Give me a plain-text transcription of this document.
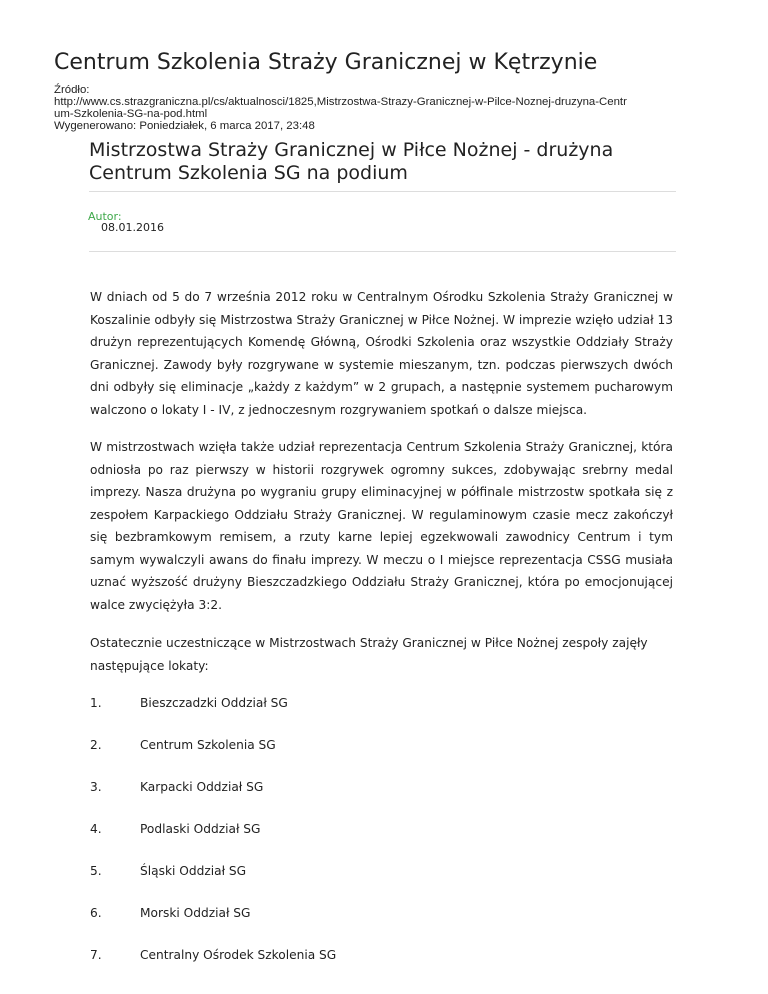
Centrum Szkolenia Straży Granicznej w Kętrzynie
Źródło:
http://www.cs.strazgraniczna.pl/cs/aktualnosci/1825,Mistrzostwa-Strazy-Granicznej-w-Pilce-Noznej-druzyna-Centr
um-Szkolenia-SG-na-pod.html
Wygenerowano: Poniedziałek, 6 marca 2017, 23:48
Mistrzostwa Straży Granicznej w Piłce Nożnej - drużyna Centrum Szkolenia SG na podium
Autor:
08.01.2016

W dniach od 5 do 7 września 2012 roku w Centralnym Ośrodku Szkolenia Straży Granicznej w Koszalinie odbyły się Mistrzostwa Straży Granicznej w Piłce Nożnej. W imprezie wzięło udział 13 drużyn reprezentujących Komendę Główną, Ośrodki Szkolenia oraz wszystkie Oddziały Straży Granicznej. Zawody były rozgrywane w systemie mieszanym, tzn. podczas pierwszych dwóch dni odbyły się eliminacje „każdy z każdym” w 2 grupach, a następnie systemem pucharowym walczono o lokaty I - IV, z jednoczesnym rozgrywaniem spotkań o dalsze miejsca.

W mistrzostwach wzięła także udział reprezentacja Centrum Szkolenia Straży Granicznej, która odniosła po raz pierwszy w historii rozgrywek ogromny sukces, zdobywając srebrny medal imprezy. Nasza drużyna po wygraniu grupy eliminacyjnej w półfinale mistrzostw spotkała się z zespołem Karpackiego Oddziału Straży Granicznej. W regulaminowym czasie mecz zakończył się bezbramkowym remisem, a rzuty karne lepiej egzekwowali zawodnicy Centrum i tym samym wywalczyli awans do finału imprezy. W meczu o I miejsce reprezentacja CSSG musiała uznać wyższość drużyny Bieszczadzkiego Oddziału Straży Granicznej, która po emocjonującej walce zwyciężyła 3:2.

Ostatecznie uczestniczące w Mistrzostwach Straży Granicznej w Piłce Nożnej zespoły zajęły następujące lokaty:

1.	Bieszczadzki Oddział SG
2.	Centrum Szkolenia SG
3.	Karpacki Oddział SG
4.	Podlaski Oddział SG
5.	Śląski Oddział SG
6.	Morski Oddział SG
7.	Centralny Ośrodek Szkolenia SG
